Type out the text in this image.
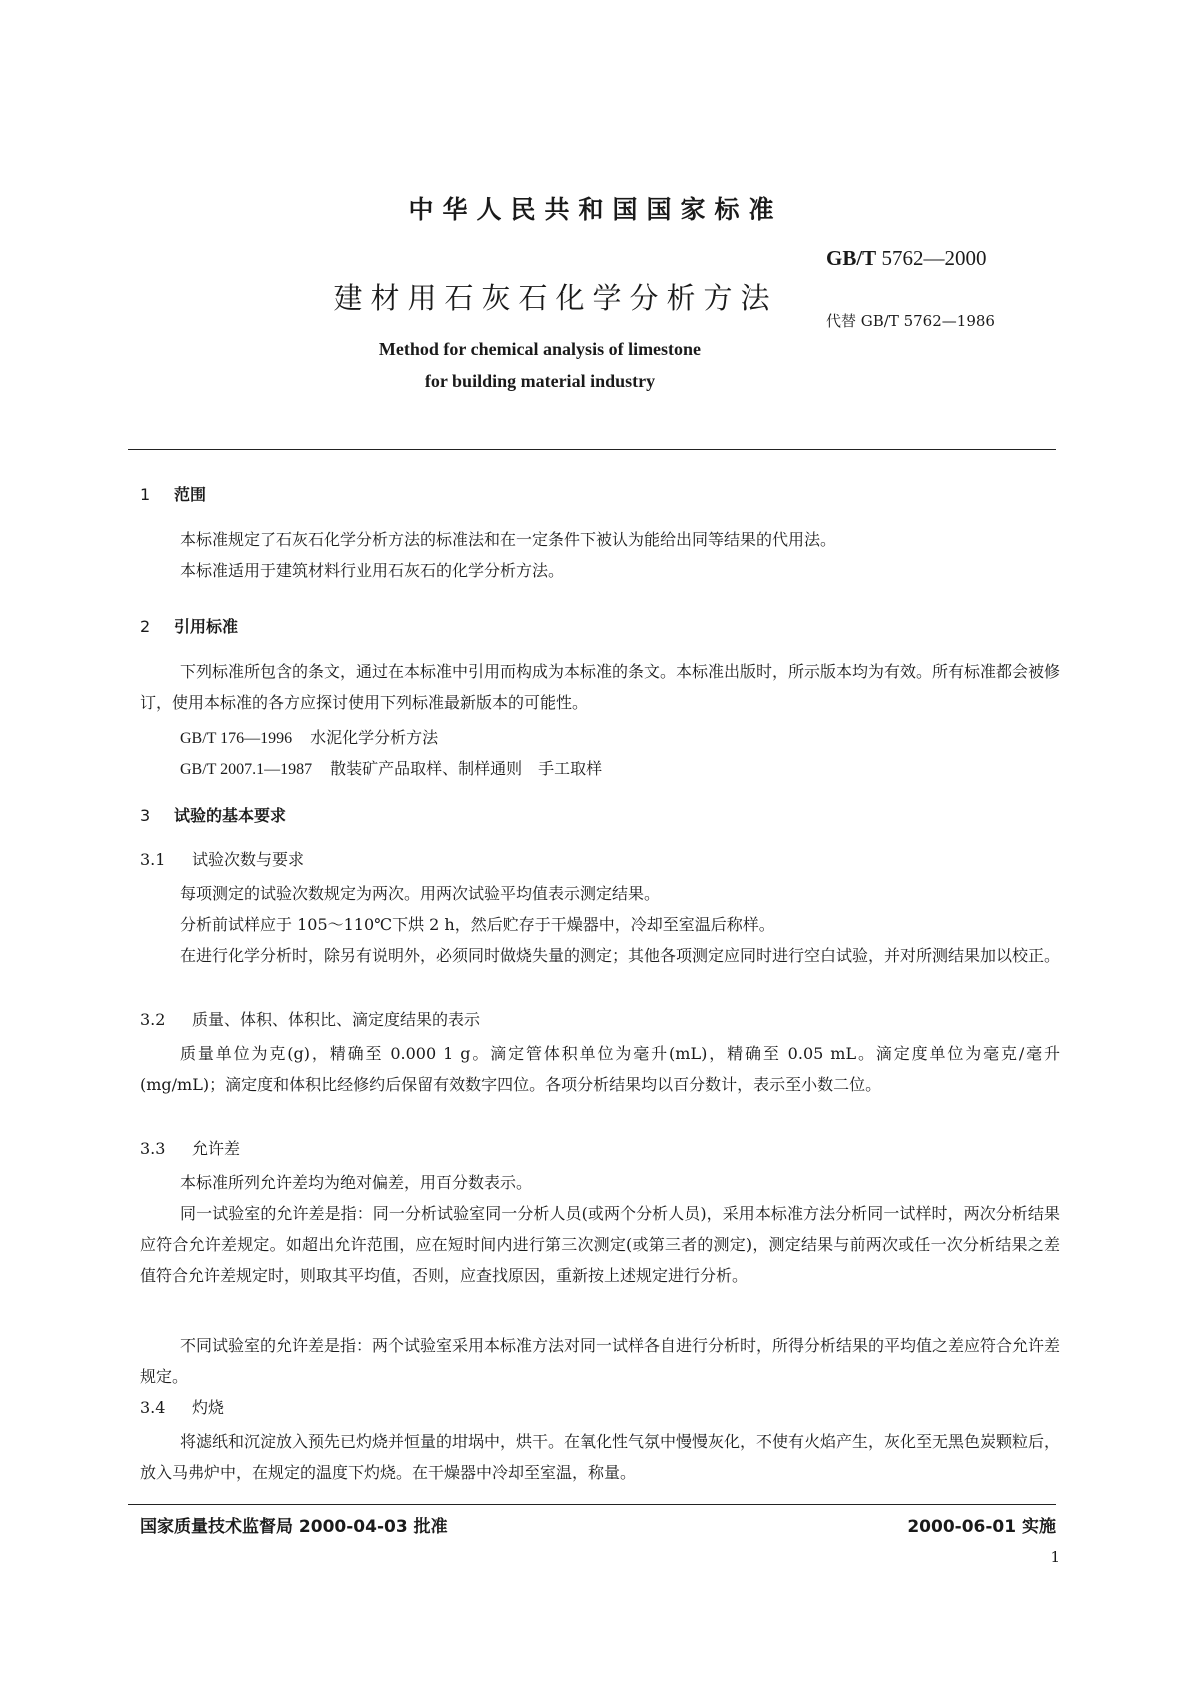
中华人民共和国国家标准
GB/T 5762—2000
建材用石灰石化学分析方法
代替 GB/T 5762—1986
Method for chemical analysis of limestone
for building material industry
1 范围

本标准规定了石灰石化学分析方法的标准法和在一定条件下被认为能给出同等结果的代用法。

本标准适用于建筑材料行业用石灰石的化学分析方法。

2 引用标准

下列标准所包含的条文，通过在本标准中引用而构成为本标准的条文。本标准出版时，所示版本均为有效。所有标准都会被修订，使用本标准的各方应探讨使用下列标准最新版本的可能性。

GB/T 176—1996 水泥化学分析方法
GB/T 2007.1—1987 散装矿产品取样、制样通则　手工取样
3 试验的基本要求
3.1 试验次数与要求

每项测定的试验次数规定为两次。用两次试验平均值表示测定结果。

分析前试样应于 105～110℃下烘 2 h，然后贮存于干燥器中，冷却至室温后称样。

在进行化学分析时，除另有说明外，必须同时做烧失量的测定；其他各项测定应同时进行空白试验，并对所测结果加以校正。

3.2 质量、体积、体积比、滴定度结果的表示

质量单位为克(g)，精确至 0.000 1 g。滴定管体积单位为毫升(mL)，精确至 0.05 mL。滴定度单位为毫克/毫升(mg/mL)；滴定度和体积比经修约后保留有效数字四位。各项分析结果均以百分数计，表示至小数二位。

3.3 允许差

本标准所列允许差均为绝对偏差，用百分数表示。

同一试验室的允许差是指：同一分析试验室同一分析人员(或两个分析人员)，采用本标准方法分析同一试样时，两次分析结果应符合允许差规定。如超出允许范围，应在短时间内进行第三次测定(或第三者的测定)，测定结果与前两次或任一次分析结果之差值符合允许差规定时，则取其平均值，否则，应查找原因，重新按上述规定进行分析。

不同试验室的允许差是指：两个试验室采用本标准方法对同一试样各自进行分析时，所得分析结果的平均值之差应符合允许差规定。

3.4 灼烧

将滤纸和沉淀放入预先已灼烧并恒量的坩埚中，烘干。在氧化性气氛中慢慢灰化，不使有火焰产生，灰化至无黑色炭颗粒后，放入马弗炉中，在规定的温度下灼烧。在干燥器中冷却至室温，称量。

国家质量技术监督局 2000-04-03 批准	2000-06-01 实施
1
